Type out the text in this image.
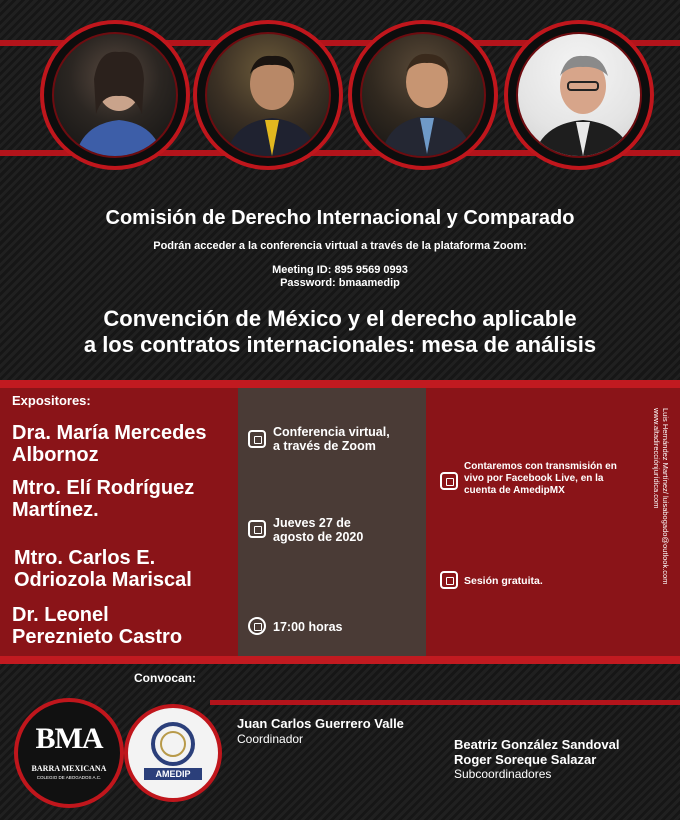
Comisión de Derecho Internacional y Comparado
Podrán acceder a la conferencia virtual a través de la plataforma Zoom:
Meeting ID: 895 9569 0993
Password: bmaamedip
Convención de México y el derecho aplicable
a los contratos internacionales: mesa de análisis
Expositores:
Dra. María Mercedes
Albornoz
Mtro. Elí Rodríguez
Martínez.
Mtro. Carlos E.
Odriozola Mariscal
Dr. Leonel
Pereznieto Castro
Conferencia virtual,
a través de Zoom
Jueves 27 de
agosto de 2020
17:00 horas
Contaremos con transmisión en
vivo por Facebook Live, en la
cuenta de AmedipMX
Sesión gratuita.	Luis Hernández Martínez/ luisabogado@outlook.com
www.altadirecciónjurídica.com
Convocan:
BMA
BARRA MEXICANA
COLEGIO DE ABOGADOS A.C.	AMEDIP
Juan Carlos Guerrero Valle
Coordinador	Beatriz González Sandoval
Roger Soreque Salazar
Subcoordinadores
